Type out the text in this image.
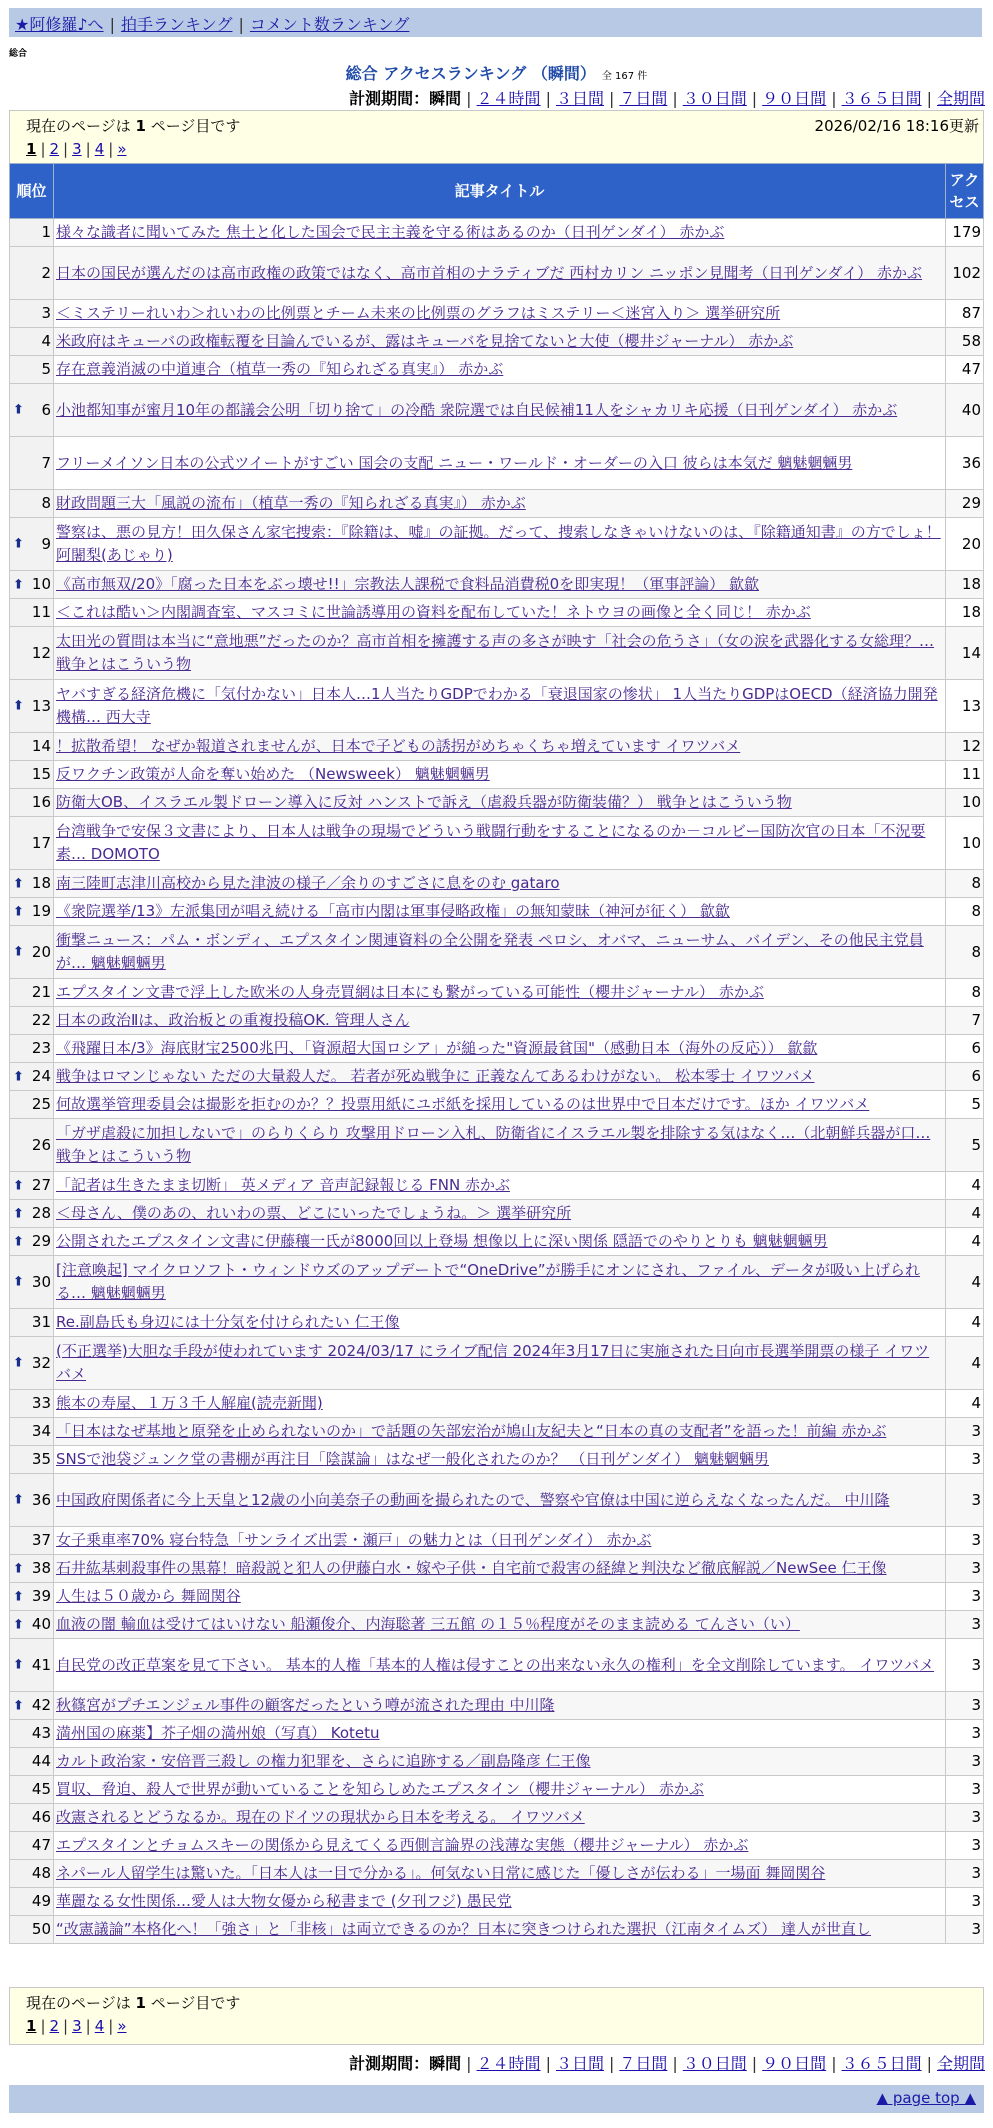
★阿修羅♪へ | 拍手ランキング | コメント数ランキング
総合
総合 アクセスランキング （瞬間） 全 167 件
計測期間：瞬間 | ２４時間 | ３日間 | ７日間 | ３０日間 | ９０日間 | ３６５日間 | 全期間
現在のページは 1 ページ目です	2026/02/16 18:16更新
1 | 2 | 3 | 4 | »
順位	記事タイトル	アクセス
1	様々な識者に聞いてみた 焦土と化した国会で民主主義を守る術はあるのか（日刊ゲンダイ） 赤かぶ	179
2	日本の国民が選んだのは高市政権の政策ではなく、高市首相のナラティブだ 西村カリン ニッポン見聞考（日刊ゲンダイ） 赤かぶ	102
3	＜ミステリーれいわ＞れいわの比例票とチーム未来の比例票のグラフはミステリー＜迷宮入り＞ 選挙研究所	87
4	米政府はキューバの政権転覆を目論んでいるが、露はキューバを見捨てないと大使（櫻井ジャーナル） 赤かぶ	58
5	存在意義消滅の中道連合（植草一秀の『知られざる真実』） 赤かぶ	47

⬆ 6	小池都知事が蜜月10年の都議会公明「切り捨て」の冷酷 衆院選では自民候補11人をシャカリキ応援（日刊ゲンダイ） 赤かぶ	40
7	フリーメイソン日本の公式ツイートがすごい 国会の支配 ニュー・ワールド・オーダーの入口 彼らは本気だ 魑魅魍魎男	36
8	財政問題三大「風説の流布」（植草一秀の『知られざる真実』） 赤かぶ	29

⬆ 9	警察は、悪の見方！田久保さん家宅捜索：『除籍は、嘘』の証拠。だって、捜索しなきゃいけないのは、『除籍通知書』の方でしょ！ 阿闍梨(あじゃり)	20

⬆ 10	《高市無双/20》「腐った日本をぶっ壊せ!!」宗教法人課税で食料品消費税0を即実現！（軍事評論） 歙歙	18
11	＜これは酷い＞内閣調査室、マスコミに世論誘導用の資料を配布していた！ネトウヨの画像と全く同じ！ 赤かぶ	18
12	太田光の質問は本当に“意地悪”だったのか？高市首相を擁護する声の多さが映す「社会の危うさ」（女の涙を武器化する女総理？… 戦争とはこういう物	14

⬆ 13	ヤバすぎる経済危機に「気付かない」日本人…1人当たりGDPでわかる「衰退国家の惨状」 1人当たりGDPはOECD（経済協力開発機構… 西大寺	13
14	！拡散希望！ なぜか報道されませんが、日本で子どもの誘拐がめちゃくちゃ増えています イワツバメ	12
15	反ワクチン政策が人命を奪い始めた （Newsweek） 魑魅魍魎男	11
16	防衛大OB、イスラエル製ドローン導入に反対 ハンストで訴え（虐殺兵器が防衛装備？） 戦争とはこういう物	10
17	台湾戦争で安保３文書により、日本人は戦争の現場でどういう戦闘行動をすることになるのか－コルビー国防次官の日本「不況要素… DOMOTO	10

⬆ 18	南三陸町志津川高校から見た津波の様子／余りのすごさに息をのむ gataro	8

⬆ 19	《衆院選挙/13》左派集団が唱え続ける「高市内閣は軍事侵略政権」の無知蒙昧（神河が征く） 歙歙	8

⬆ 20	衝撃ニュース：パム・ボンディ、エプスタイン関連資料の全公開を発表 ペロシ、オバマ、ニューサム、バイデン、その他民主党員が… 魑魅魍魎男	8
21	エプスタイン文書で浮上した欧米の人身売買網は日本にも繋がっている可能性（櫻井ジャーナル） 赤かぶ	8
22	日本の政治Ⅱは、政治板との重複投稿OK. 管理人さん	7
23	《飛躍日本/3》海底財宝2500兆円、「資源超大国ロシア」が縋った"資源最貧国"（感動日本（海外の反応）） 歙歙	6

⬆ 24	戦争はロマンじゃない ただの大量殺人だ。 若者が死ぬ戦争に 正義なんてあるわけがない。 松本零士 イワツバメ	6
25	何故選挙管理委員会は撮影を拒むのか？？投票用紙にユポ紙を採用しているのは世界中で日本だけです。ほか イワツバメ	5
26	「ガザ虐殺に加担しないで」のらりくらり 攻撃用ドローン入札、防衛省にイスラエル製を排除する気はなく…（北朝鮮兵器が口… 戦争とはこういう物	5

⬆ 27	「記者は生きたまま切断」 英メディア 音声記録報じる FNN 赤かぶ	4

⬆ 28	＜母さん、僕のあの、れいわの票、どこにいったでしょうね。＞ 選挙研究所	4

⬆ 29	公開されたエプスタイン文書に伊藤穰一氏が8000回以上登場 想像以上に深い関係 隠語でのやりとりも 魑魅魍魎男	4

⬆ 30	[注意喚起] マイクロソフト・ウィンドウズのアップデートで“OneDrive”が勝手にオンにされ、ファイル、データが吸い上げられる… 魑魅魍魎男	4
31	Re.副島氏も身辺には十分気を付けられたい 仁王像	4

⬆ 32	(不正選挙)大胆な手段が使われています 2024/03/17 にライブ配信 2024年3月17日に実施された日向市長選挙開票の様子 イワツバメ	4
33	熊本の寿屋、１万３千人解雇(読売新聞)	4
34	「日本はなぜ基地と原発を止められないのか」で話題の矢部宏治が鳩山友紀夫と“日本の真の支配者”を語った！前編 赤かぶ	3
35	SNSで池袋ジュンク堂の書棚が再注目「陰謀論」はなぜ一般化されたのか？ （日刊ゲンダイ） 魑魅魍魎男	3

⬆ 36	中国政府関係者に今上天皇と12歳の小向美奈子の動画を撮られたので、警察や官僚は中国に逆らえなくなったんだ。 中川隆	3
37	女子乗車率70% 寝台特急「サンライズ出雲・瀬戸」の魅力とは（日刊ゲンダイ） 赤かぶ	3

⬆ 38	石井紘基刺殺事件の黒幕！暗殺説と犯人の伊藤白水・嫁や子供・自宅前で殺害の経緯と判決など徹底解説／NewSee 仁王像	3

⬆ 39	人生は５０歳から 舞岡関谷	3

⬆ 40	血液の闇 輸血は受けてはいけない 船瀬俊介、内海聡著 三五館 の１５％程度がそのまま読める てんさい（い）	3

⬆ 41	自民党の改正草案を見て下さい。 基本的人権「基本的人権は侵すことの出来ない永久の権利」を全文削除しています。 イワツバメ	3

⬆ 42	秋篠宮がプチエンジェル事件の顧客だったという噂が流された理由 中川隆	3
43	満州国の麻薬】芥子畑の満州娘（写真） Kotetu	3
44	カルト政治家・安倍晋三殺し の権力犯罪を、さらに追跡する／副島隆彦 仁王像	3
45	買収、脅迫、殺人で世界が動いていることを知らしめたエプスタイン（櫻井ジャーナル） 赤かぶ	3
46	改憲されるとどうなるか。現在のドイツの現状から日本を考える。 イワツバメ	3
47	エプスタインとチョムスキーの関係から見えてくる西側言論界の浅薄な実態（櫻井ジャーナル） 赤かぶ	3
48	ネパール人留学生は驚いた。「日本人は一目で分かる」。何気ない日常に感じた「優しさが伝わる」一場面 舞岡関谷	3
49	華麗なる女性関係…愛人は大物女優から秘書まで (夕刊フジ) 愚民党	3
50	“改憲議論”本格化へ！「強さ」と「非核」は両立できるのか？日本に突きつけられた選択（江南タイムズ） 達人が世直し	3
現在のページは 1 ページ目です
1 | 2 | 3 | 4 | »
計測期間：瞬間 | ２４時間 | ３日間 | ７日間 | ３０日間 | ９０日間 | ３６５日間 | 全期間
▲ page top ▲
